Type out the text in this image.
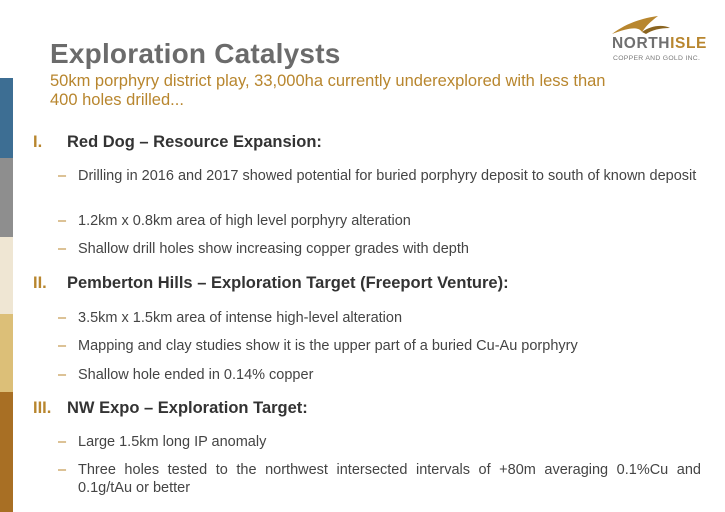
Exploration Catalysts
50km porphyry district play, 33,000ha currently underexplored with less than 400 holes drilled...
NORTHISLE
COPPER AND GOLD INC.
I. Red Dog – Resource Expansion:
– Drilling in 2016 and 2017 showed potential for buried porphyry deposit to south of known deposit
– 1.2km x 0.8km area of high level porphyry alteration
– Shallow drill holes show increasing copper grades with depth
II. Pemberton Hills – Exploration Target (Freeport Venture):
– 3.5km x 1.5km area of intense high-level alteration
– Mapping and clay studies show it is the upper part of a buried Cu-Au porphyry
– Shallow hole ended in 0.14% copper
III. NW Expo – Exploration Target:
– Large 1.5km long IP anomaly
– Three holes tested to the northwest intersected intervals of +80m averaging 0.1%Cu and 0.1g/tAu or better
